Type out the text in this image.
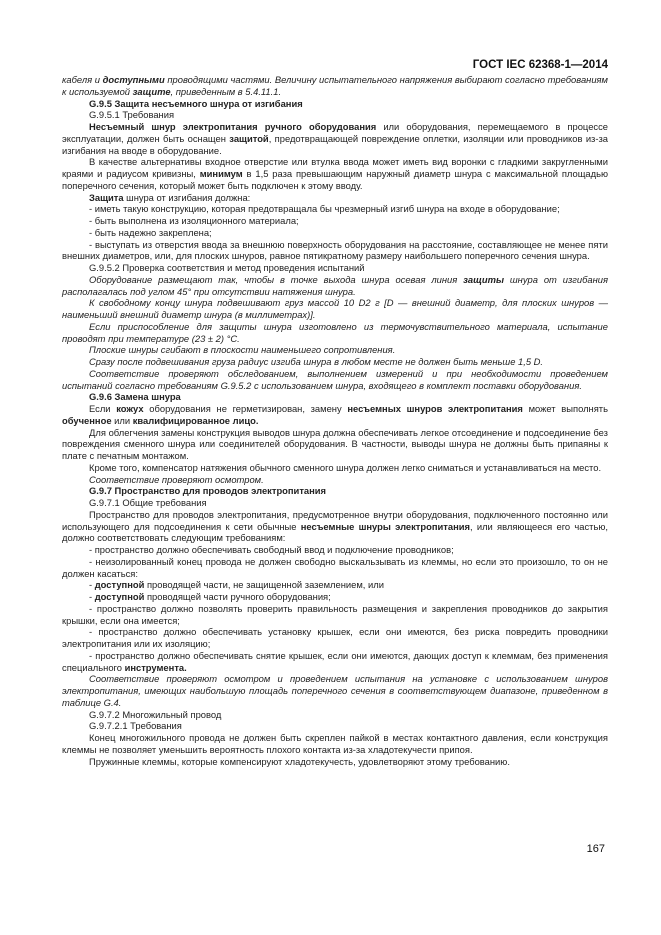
ГОСТ IEC 62368-1—2014

кабеля и доступными проводящими частями. Величину испытательного напряжения выбирают согласно требованиям к используемой защите, приведенным в 5.4.11.1.

G.9.5 Защита несъемного шнура от изгибания

G.9.5.1 Требования

Несъемный шнур электропитания ручного оборудования или оборудования, перемещаемого в процессе эксплуатации, должен быть оснащен защитой, предотвращающей повреждение оплетки, изоляции или проводников из-за изгибания на вводе в оборудование.

В качестве альтернативы входное отверстие или втулка ввода может иметь вид воронки с гладкими закругленными краями и радиусом кривизны, минимум в 1,5 раза превышающим наружный диаметр шнура с максимальной площадью поперечного сечения, который может быть подключен к этому вводу.

Защита шнура от изгибания должна:

- иметь такую конструкцию, которая предотвращала бы чрезмерный изгиб шнура на входе в оборудование;

- быть выполнена из изоляционного материала;

- быть надежно закреплена;

- выступать из отверстия ввода за внешнюю поверхность оборудования на расстояние, составляющее не менее пяти внешних диаметров, или, для плоских шнуров, равное пятикратному размеру наибольшего поперечного сечения шнура.

G.9.5.2 Проверка соответствия и метод проведения испытаний

Оборудование размещают так, чтобы в точке выхода шнура осевая линия защиты шнура от изгибания располагалась под углом 45° при отсутствии натяжения шнура.

К свободному концу шнура подвешивают груз массой 10 D2 г [D — внешний диаметр, для плоских шнуров — наименьший внешний диаметр шнура (в миллиметрах)].

Если приспособление для защиты шнура изготовлено из термочувствительного материала, испытание проводят при температуре (23 ± 2) °С.

Плоские шнуры сгибают в плоскости наименьшего сопротивления.

Сразу после подвешивания груза радиус изгиба шнура в любом месте не должен быть меньше 1,5 D.

Соответствие проверяют обследованием, выполнением измерений и при необходимости проведением испытаний согласно требованиям G.9.5.2 с использованием шнура, входящего в комплект поставки оборудования.

G.9.6 Замена шнура

Если кожух оборудования не герметизирован, замену несъемных шнуров электропитания может выполнять обученное или квалифицированное лицо.

Для облегчения замены конструкция выводов шнура должна обеспечивать легкое отсоединение и подсоединение без повреждения сменного шнура или соединителей оборудования. В частности, выводы шнура не должны быть припаяны к плате с печатным монтажом.

Кроме того, компенсатор натяжения обычного сменного шнура должен легко сниматься и устанавливаться на место.

Соответствие проверяют осмотром.

G.9.7 Пространство для проводов электропитания

G.9.7.1 Общие требования

Пространство для проводов электропитания, предусмотренное внутри оборудования, подключенного постоянно или использующего для подсоединения к сети обычные несъемные шнуры электропитания, или являющееся его частью, должно соответствовать следующим требованиям:

- пространство должно обеспечивать свободный ввод и подключение проводников;

- неизолированный конец провода не должен свободно выскальзывать из клеммы, но если это произошло, то он не должен касаться:

- доступной проводящей части, не защищенной заземлением, или

- доступной проводящей части ручного оборудования;

- пространство должно позволять проверить правильность размещения и закрепления проводников до закрытия крышки, если она имеется;

- пространство должно обеспечивать установку крышек, если они имеются, без риска повредить проводники электропитания или их изоляцию;

- пространство должно обеспечивать снятие крышек, если они имеются, дающих доступ к клеммам, без применения специального инструмента.

Соответствие проверяют осмотром и проведением испытания на установке с использованием шнуров электропитания, имеющих наибольшую площадь поперечного сечения в соответствующем диапазоне, приведенном в таблице G.4.

G.9.7.2 Многожильный провод

G.9.7.2.1 Требования

Конец многожильного провода не должен быть скреплен пайкой в местах контактного давления, если конструкция клеммы не позволяет уменьшить вероятность плохого контакта из-за хладотекучести припоя.

Пружинные клеммы, которые компенсируют хладотекучесть, удовлетворяют этому требованию.

167
